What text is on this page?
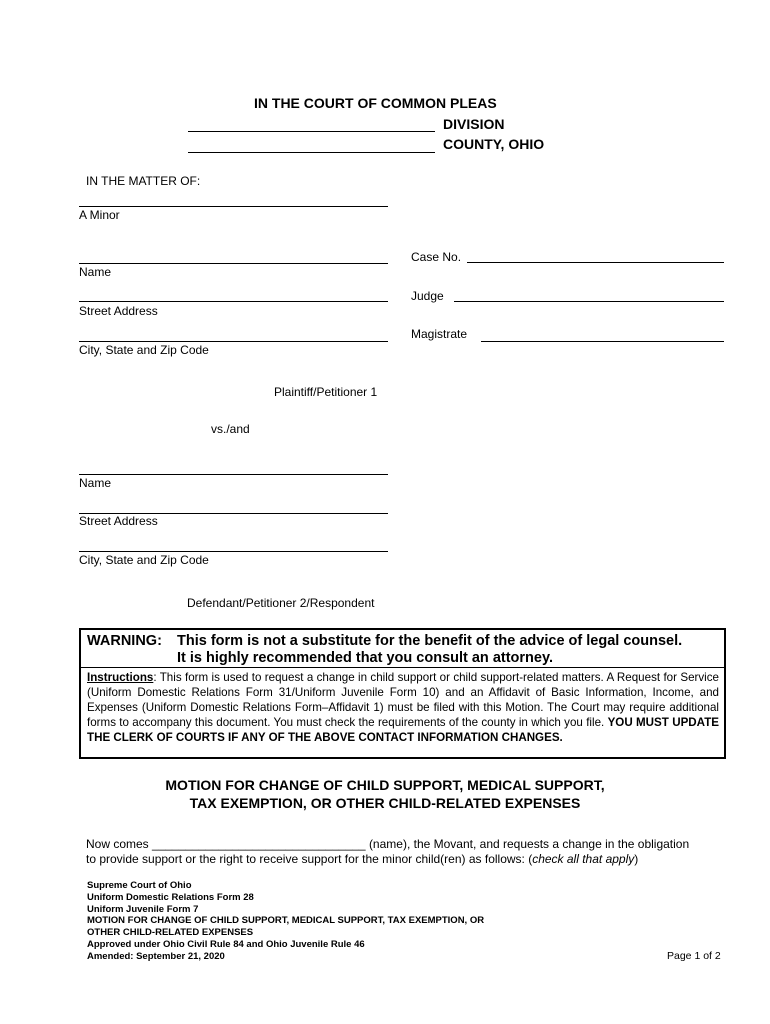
IN THE COURT OF COMMON PLEAS
DIVISION
COUNTY, OHIO
IN THE MATTER OF:
A Minor
Name
Street Address
City, State and Zip Code
Plaintiff/Petitioner 1
vs./and
Name
Street Address
City, State and Zip Code
Defendant/Petitioner 2/Respondent
Case No.
Judge
Magistrate
WARNING: This form is not a substitute for the benefit of the advice of legal counsel.
It is highly recommended that you consult an attorney.
Instructions: This form is used to request a change in child support or child support-related matters. A Request for Service (Uniform Domestic Relations Form 31/Uniform Juvenile Form 10) and an Affidavit of Basic Information, Income, and Expenses (Uniform Domestic Relations Form–Affidavit 1) must be filed with this Motion. The Court may require additional forms to accompany this document. You must check the requirements of the county in which you file. YOU MUST UPDATE THE CLERK OF COURTS IF ANY OF THE ABOVE CONTACT INFORMATION CHANGES.
MOTION FOR CHANGE OF CHILD SUPPORT, MEDICAL SUPPORT,
TAX EXEMPTION, OR OTHER CHILD-RELATED EXPENSES
Now comes ________________________________ (name), the Movant, and requests a change in the obligation
to provide support or the right to receive support for the minor child(ren) as follows: (check all that apply)
Supreme Court of Ohio
Uniform Domestic Relations Form 28
Uniform Juvenile Form 7
MOTION FOR CHANGE OF CHILD SUPPORT, MEDICAL SUPPORT, TAX EXEMPTION, OR
OTHER CHILD-RELATED EXPENSES
Approved under Ohio Civil Rule 84 and Ohio Juvenile Rule 46
Amended: September 21, 2020	Page 1 of 2
